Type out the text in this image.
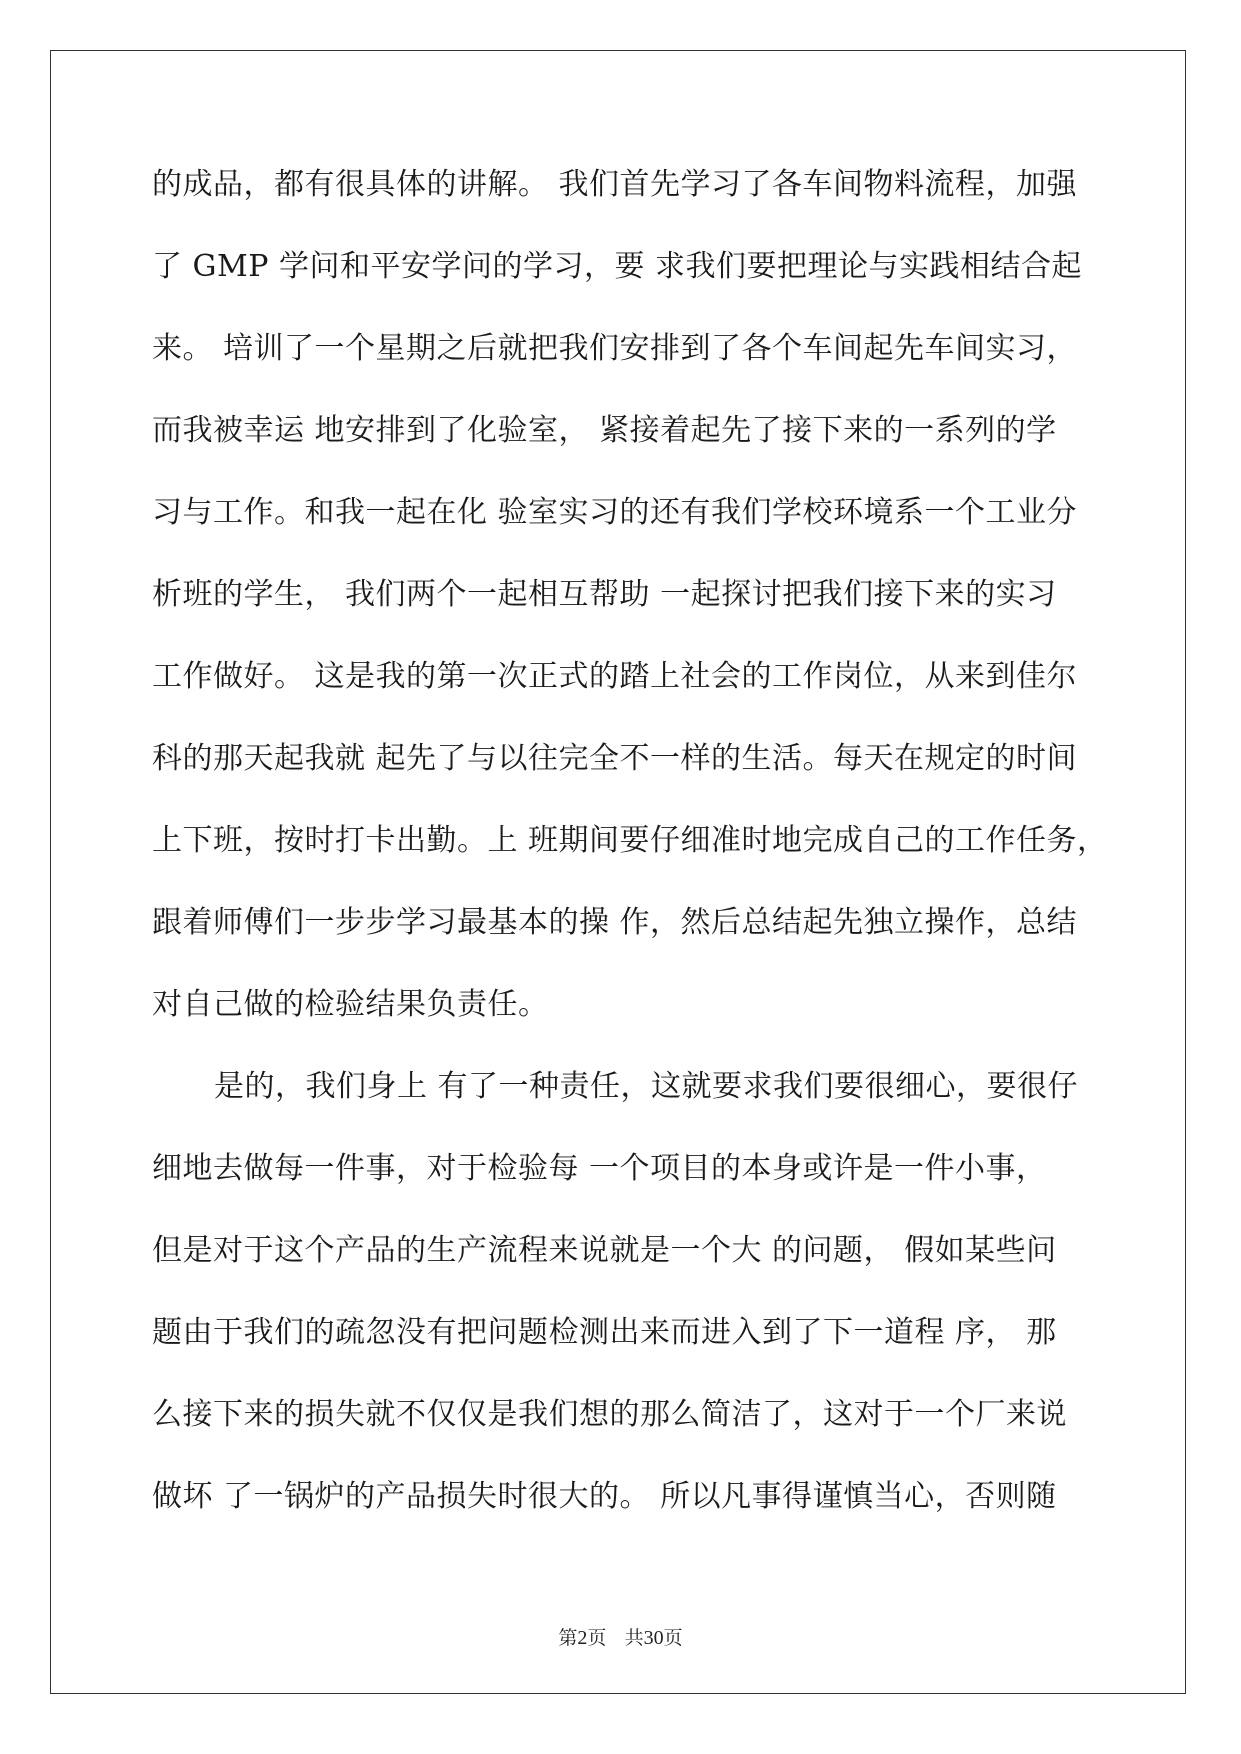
的成品，都有很具体的讲解。 我们首先学习了各车间物料流程，加强
了 GMP 学问和平安学问的学习，要 求我们要把理论与实践相结合起
来。 培训了一个星期之后就把我们安排到了各个车间起先车间实习，
而我被幸运 地安排到了化验室， 紧接着起先了接下来的一系列的学
习与工作。和我一起在化 验室实习的还有我们学校环境系一个工业分
析班的学生， 我们两个一起相互帮助 一起探讨把我们接下来的实习
工作做好。 这是我的第一次正式的踏上社会的工作岗位，从来到佳尔
科的那天起我就 起先了与以往完全不一样的生活。每天在规定的时间
上下班，按时打卡出勤。上 班期间要仔细准时地完成自己的工作任务，
跟着师傅们一步步学习最基本的操 作，然后总结起先独立操作，总结
对自己做的检验结果负责任。
是的，我们身上 有了一种责任，这就要求我们要很细心，要很仔
细地去做每一件事，对于检验每 一个项目的本身或许是一件小事，
但是对于这个产品的生产流程来说就是一个大 的问题， 假如某些问
题由于我们的疏忽没有把问题检测出来而进入到了下一道程 序， 那
么接下来的损失就不仅仅是我们想的那么简洁了，这对于一个厂来说
做坏 了一锅炉的产品损失时很大的。 所以凡事得谨慎当心，否则随
第2页 共30页
